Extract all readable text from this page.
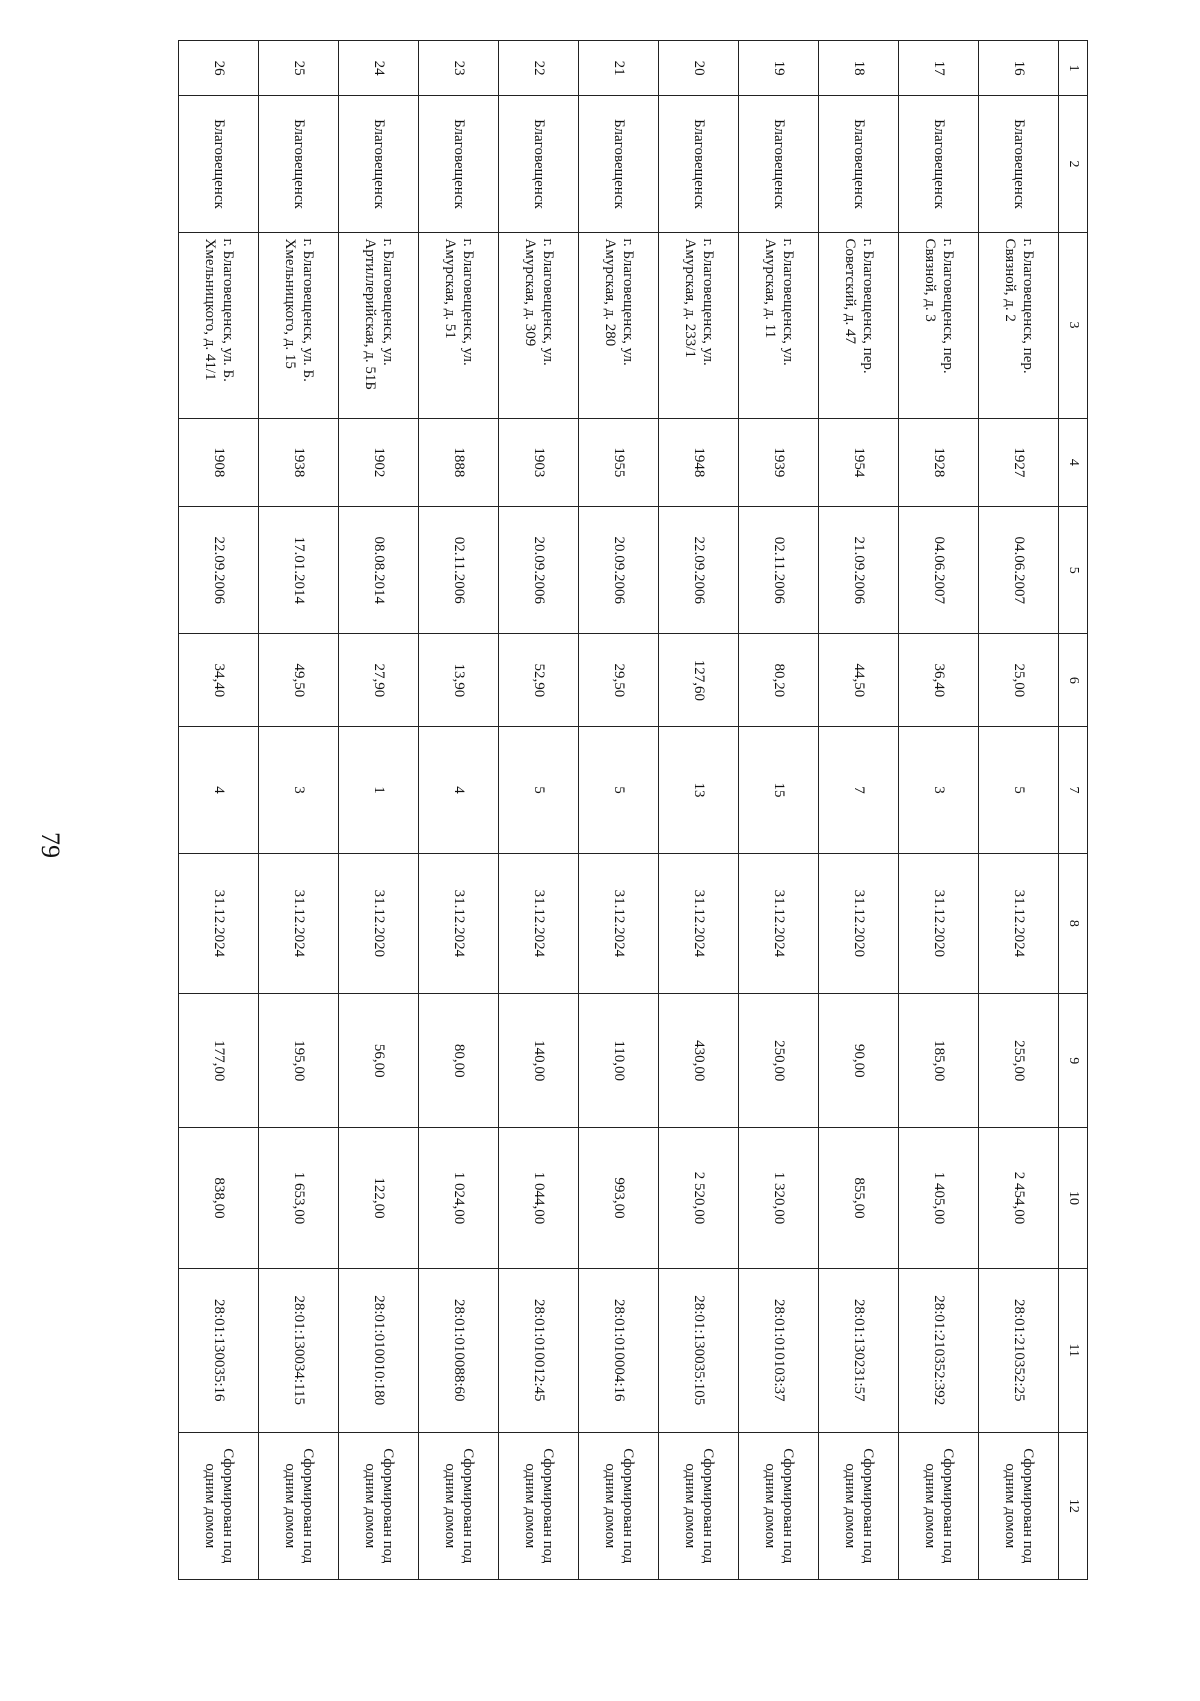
79
1	2	3	4	5	6	7	8	9	10	11	12
16	Благовещенск	г. Благовещенск, пер. Связной, д. 2	1927	04.06.2007	25,00	5	31.12.2024	255,00	2 454,00	28:01:210352:25	Сформирован под одним домом
17	Благовещенск	г. Благовещенск, пер. Связной, д. 3	1928	04.06.2007	36,40	3	31.12.2020	185,00	1 405,00	28:01:210352:392	Сформирован под одним домом
18	Благовещенск	г. Благовещенск, пер. Советский, д. 47	1954	21.09.2006	44,50	7	31.12.2020	90,00	855,00	28:01:130231:57	Сформирован под одним домом
19	Благовещенск	г. Благовещенск, ул. Амурская, д. 11	1939	02.11.2006	80,20	15	31.12.2024	250,00	1 320,00	28:01:010103:37	Сформирован под одним домом
20	Благовещенск	г. Благовещенск, ул. Амурская, д. 233/1	1948	22.09.2006	127,60	13	31.12.2024	430,00	2 520,00	28:01:130035:105	Сформирован под одним домом
21	Благовещенск	г. Благовещенск, ул. Амурская, д. 280	1955	20.09.2006	29,50	5	31.12.2024	110,00	993,00	28:01:010004:16	Сформирован под одним домом
22	Благовещенск	г. Благовещенск, ул. Амурская, д. 309	1903	20.09.2006	52,90	5	31.12.2024	140,00	1 044,00	28:01:010012:45	Сформирован под одним домом
23	Благовещенск	г. Благовещенск, ул. Амурская, д. 51	1888	02.11.2006	13,90	4	31.12.2024	80,00	1 024,00	28:01:010088:60	Сформирован под одним домом
24	Благовещенск	г. Благовещенск, ул. Артиллерийская, д. 51Б	1902	08.08.2014	27,90	1	31.12.2020	56,00	122,00	28:01:010010:180	Сформирован под одним домом
25	Благовещенск	г. Благовещенск, ул. Б. Хмельницкого, д. 15	1938	17.01.2014	49,50	3	31.12.2024	195,00	1 653,00	28:01:130034:115	Сформирован под одним домом
26	Благовещенск	г. Благовещенск, ул. Б. Хмельницкого, д. 41/1	1908	22.09.2006	34,40	4	31.12.2024	177,00	838,00	28:01:130035:16	Сформирован под одним домом
